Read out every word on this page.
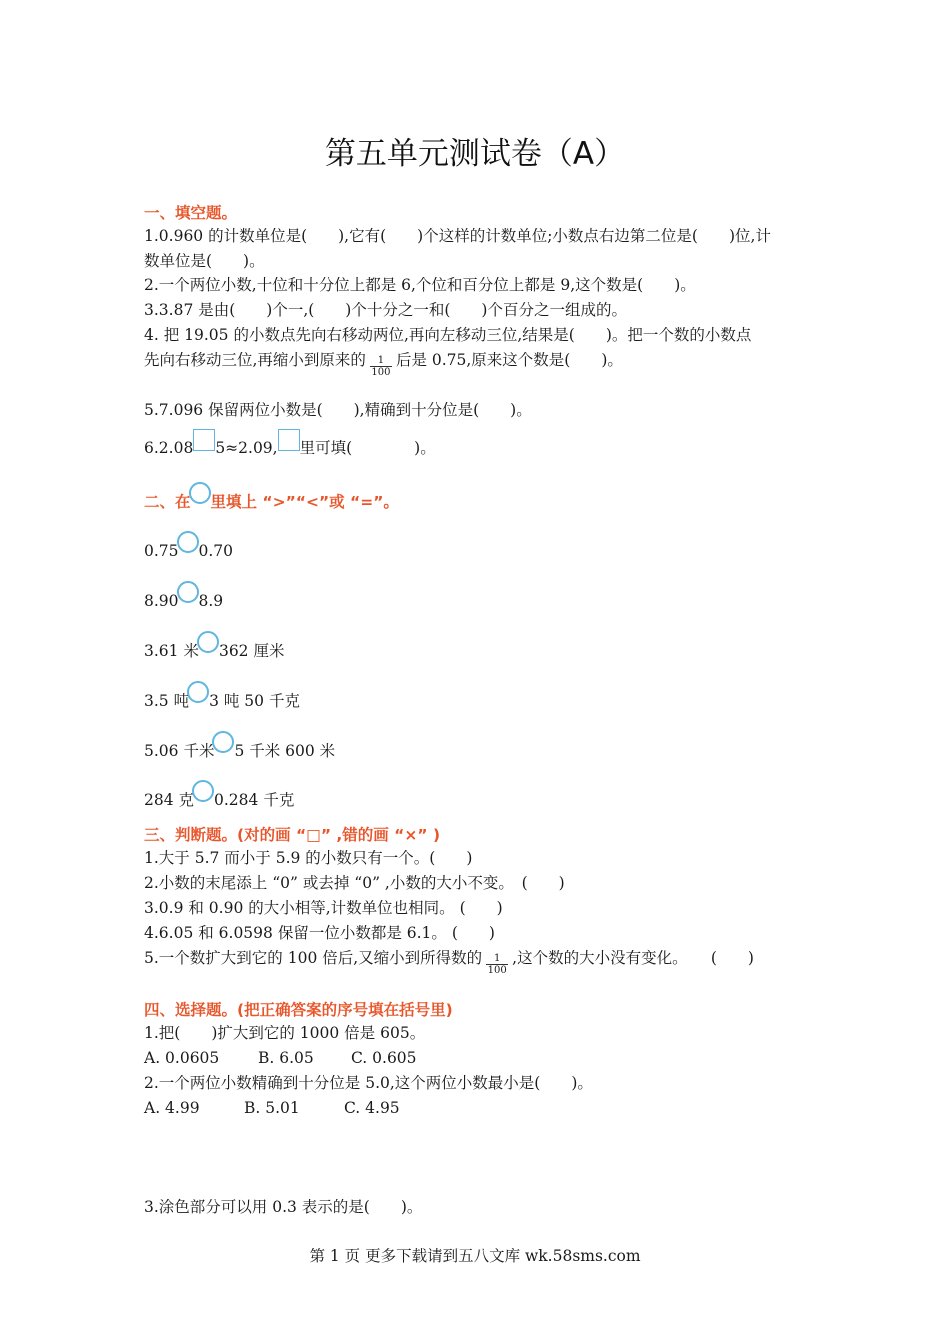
第五单元测试卷（A）
一、填空题。
1.0.960 的计数单位是(　　),它有(　　)个这样的计数单位;小数点右边第二位是(　　)位,计
数单位是(　　)。
2.一个两位小数,十位和十分位上都是 6,个位和百分位上都是 9,这个数是(　　)。
3.3.87 是由(　　)个一,(　　)个十分之一和(　　)个百分之一组成的。
4. 把 19.05 的小数点先向右移动两位,再向左移动三位,结果是(　　)。把一个数的小数点
先向右移动三位,再缩小到原来的 $\frac{1}{100}$ 后是 0.75,原来这个数是(　　)。
5.7.096 保留两位小数是(　　),精确到十分位是(　　)。
6.2.08 5≈2.09, 里可填(　　　　)。
二、在 里填上 “>”“<”或 “=”。
0.75 0.70
8.90 8.9
3.61 米 362 厘米
3.5 吨 3 吨 50 千克
5.06 千米 5 千米 600 米
284 克 0.284 千克
三、判断题。(对的画 “□” ,错的画 “×” )
1.大于 5.7 而小于 5.9 的小数只有一个。(　　)
2.小数的末尾添上 “0” 或去掉 “0” ,小数的大小不变。　(　　)
3.0.9 和 0.90 的大小相等,计数单位也相同。 (　　)
4.6.05 和 6.0598 保留一位小数都是 6.1。 (　　)
5.一个数扩大到它的 100 倍后,又缩小到所得数的 $\frac{1}{100}$ ,这个数的大小没有变化。　　(　　)
四、选择题。(把正确答案的序号填在括号里)
1.把(　　)扩大到它的 1000 倍是 605。
A. 0.0605 B. 6.05 C. 0.605
2.一个两位小数精确到十分位是 5.0,这个两位小数最小是(　　)。
A. 4.99	B. 5.01	C. 4.95
3.涂色部分可以用 0.3 表示的是(　　)。
第 1 页 更多下载请到五八文库 wk.58sms.com
